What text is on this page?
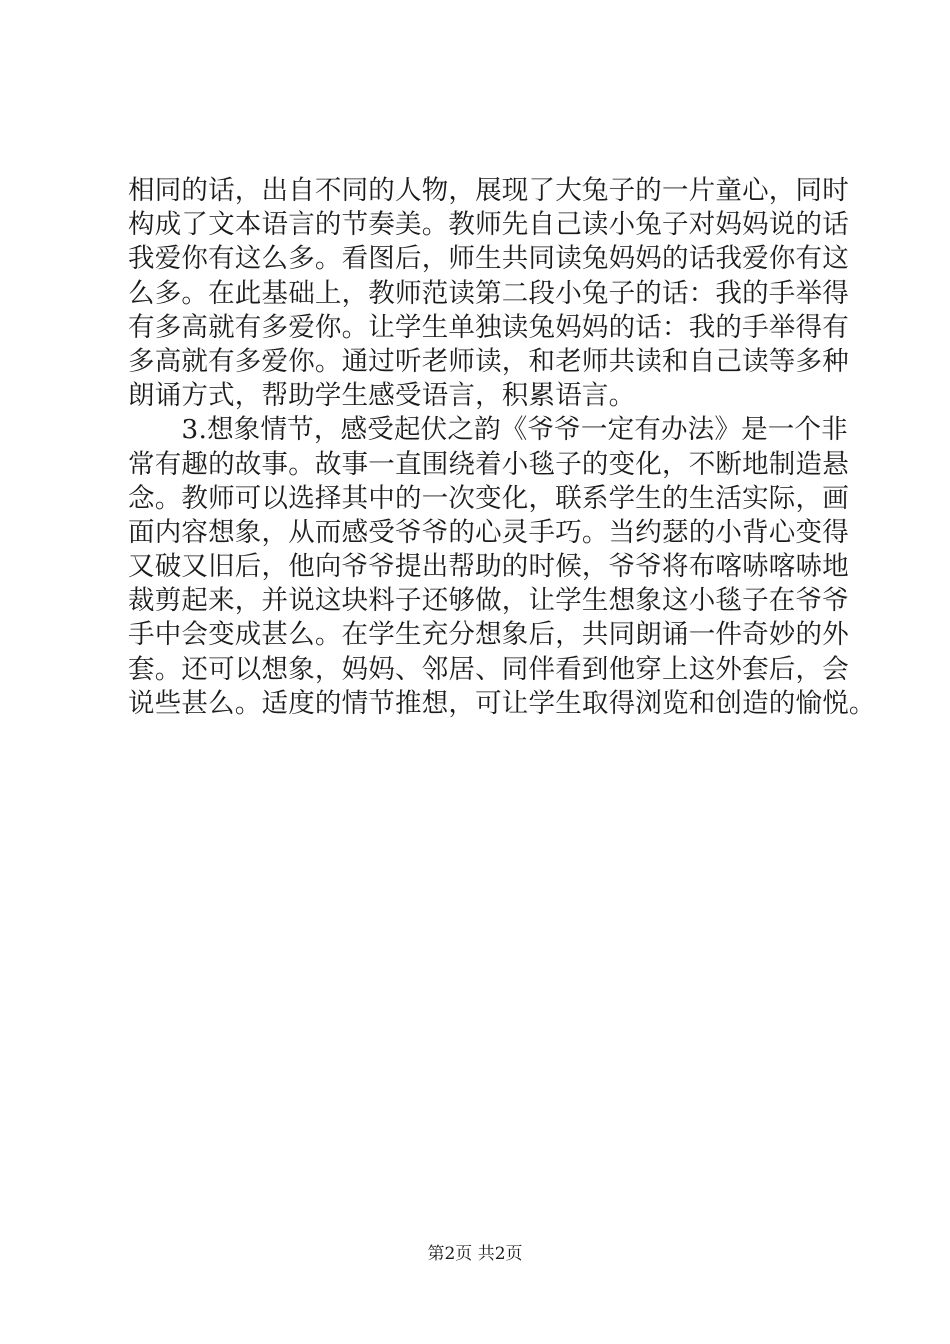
相同的话，出自不同的人物，展现了大兔子的一片童心，同时
构成了文本语言的节奏美。教师先自己读小兔子对妈妈说的话
我爱你有这么多。看图后，师生共同读兔妈妈的话我爱你有这
么多。在此基础上，教师范读第二段小兔子的话：我的手举得
有多高就有多爱你。让学生单独读兔妈妈的话：我的手举得有
多高就有多爱你。通过听老师读，和老师共读和自己读等多种
朗诵方式，帮助学生感受语言，积累语言。
　　3.想象情节，感受起伏之韵《爷爷一定有办法》是一个非
常有趣的故事。故事一直围绕着小毯子的变化，不断地制造悬
念。教师可以选择其中的一次变化，联系学生的生活实际，画
面内容想象，从而感受爷爷的心灵手巧。当约瑟的小背心变得
又破又旧后，他向爷爷提出帮助的时候，爷爷将布喀哧喀哧地
裁剪起来，并说这块料子还够做，让学生想象这小毯子在爷爷
手中会变成甚么。在学生充分想象后，共同朗诵一件奇妙的外
套。还可以想象，妈妈、邻居、同伴看到他穿上这外套后，会
说些甚么。适度的情节推想，可让学生取得浏览和创造的愉悦。
第2页 共2页
